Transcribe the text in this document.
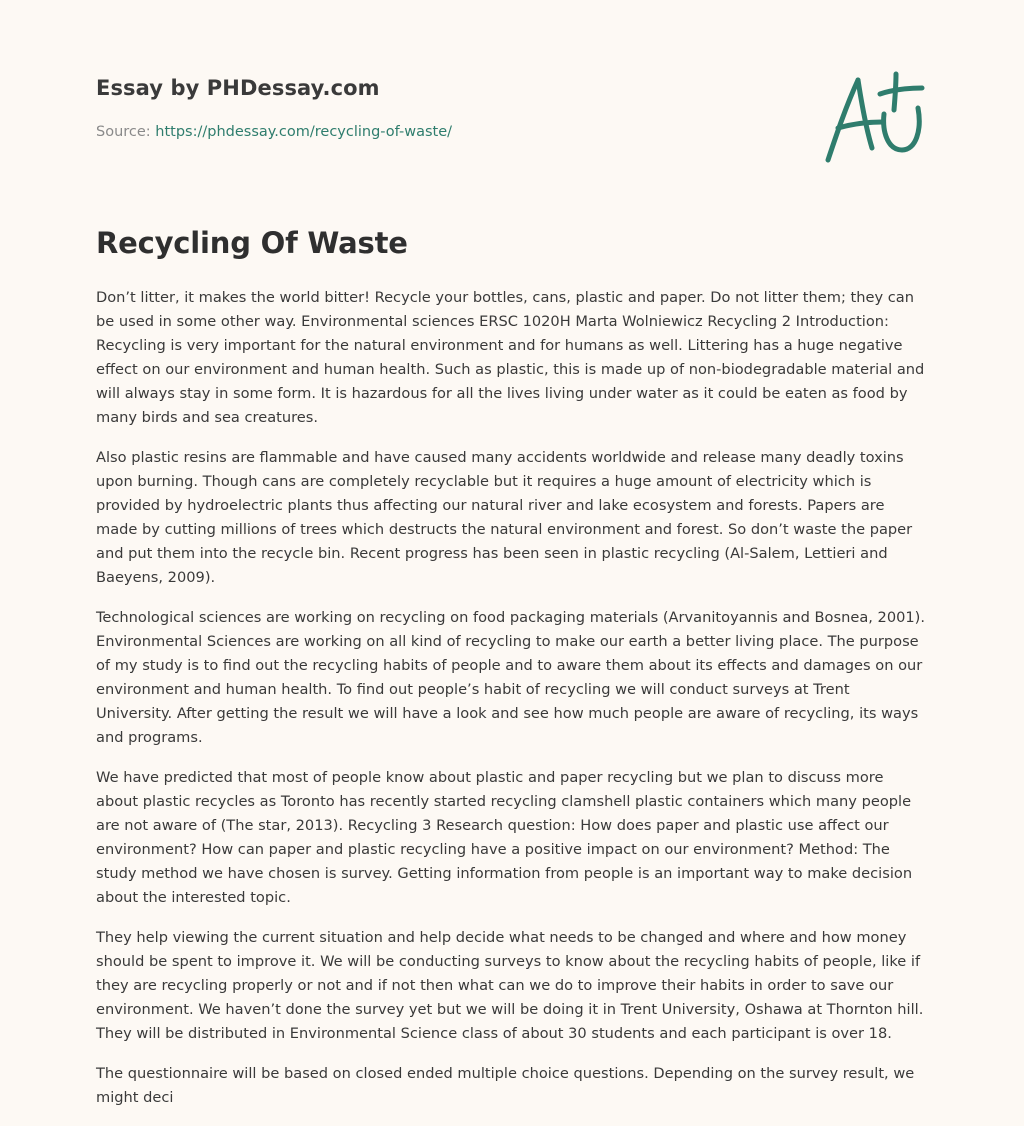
Essay by PHDessay.com
Source: https://phdessay.com/recycling-of-waste/
Recycling Of Waste

Don’t litter, it makes the world bitter! Recycle your bottles, cans, plastic and paper. Do not litter them; they can be used in some other way. Environmental sciences ERSC 1020H Marta Wolniewicz Recycling 2 Introduction: Recycling is very important for the natural environment and for humans as well. Littering has a huge negative effect on our environment and human health. Such as plastic, this is made up of non-biodegradable material and will always stay in some form. It is hazardous for all the lives living under water as it could be eaten as food by many birds and sea creatures.

Also plastic resins are flammable and have caused many accidents worldwide and release many deadly toxins upon burning. Though cans are completely recyclable but it requires a huge amount of electricity which is provided by hydroelectric plants thus affecting our natural river and lake ecosystem and forests. Papers are made by cutting millions of trees which destructs the natural environment and forest. So don’t waste the paper and put them into the recycle bin. Recent progress has been seen in plastic recycling (Al-Salem, Lettieri and Baeyens, 2009).

Technological sciences are working on recycling on food packaging materials (Arvanitoyannis and Bosnea, 2001). Environmental Sciences are working on all kind of recycling to make our earth a better living place. The purpose of my study is to find out the recycling habits of people and to aware them about its effects and damages on our environment and human health. To find out people’s habit of recycling we will conduct surveys at Trent University. After getting the result we will have a look and see how much people are aware of recycling, its ways and programs.

We have predicted that most of people know about plastic and paper recycling but we plan to discuss more about plastic recycles as Toronto has recently started recycling clamshell plastic containers which many people are not aware of (The star, 2013). Recycling 3 Research question: How does paper and plastic use affect our environment? How can paper and plastic recycling have a positive impact on our environment? Method: The study method we have chosen is survey. Getting information from people is an important way to make decision about the interested topic.

They help viewing the current situation and help decide what needs to be changed and where and how money should be spent to improve it. We will be conducting surveys to know about the recycling habits of people, like if they are recycling properly or not and if not then what can we do to improve their habits in order to save our environment. We haven’t done the survey yet but we will be doing it in Trent University, Oshawa at Thornton hill. They will be distributed in Environmental Science class of about 30 students and each participant is over 18.

The questionnaire will be based on closed ended multiple choice questions. Depending on the survey result, we might deci
